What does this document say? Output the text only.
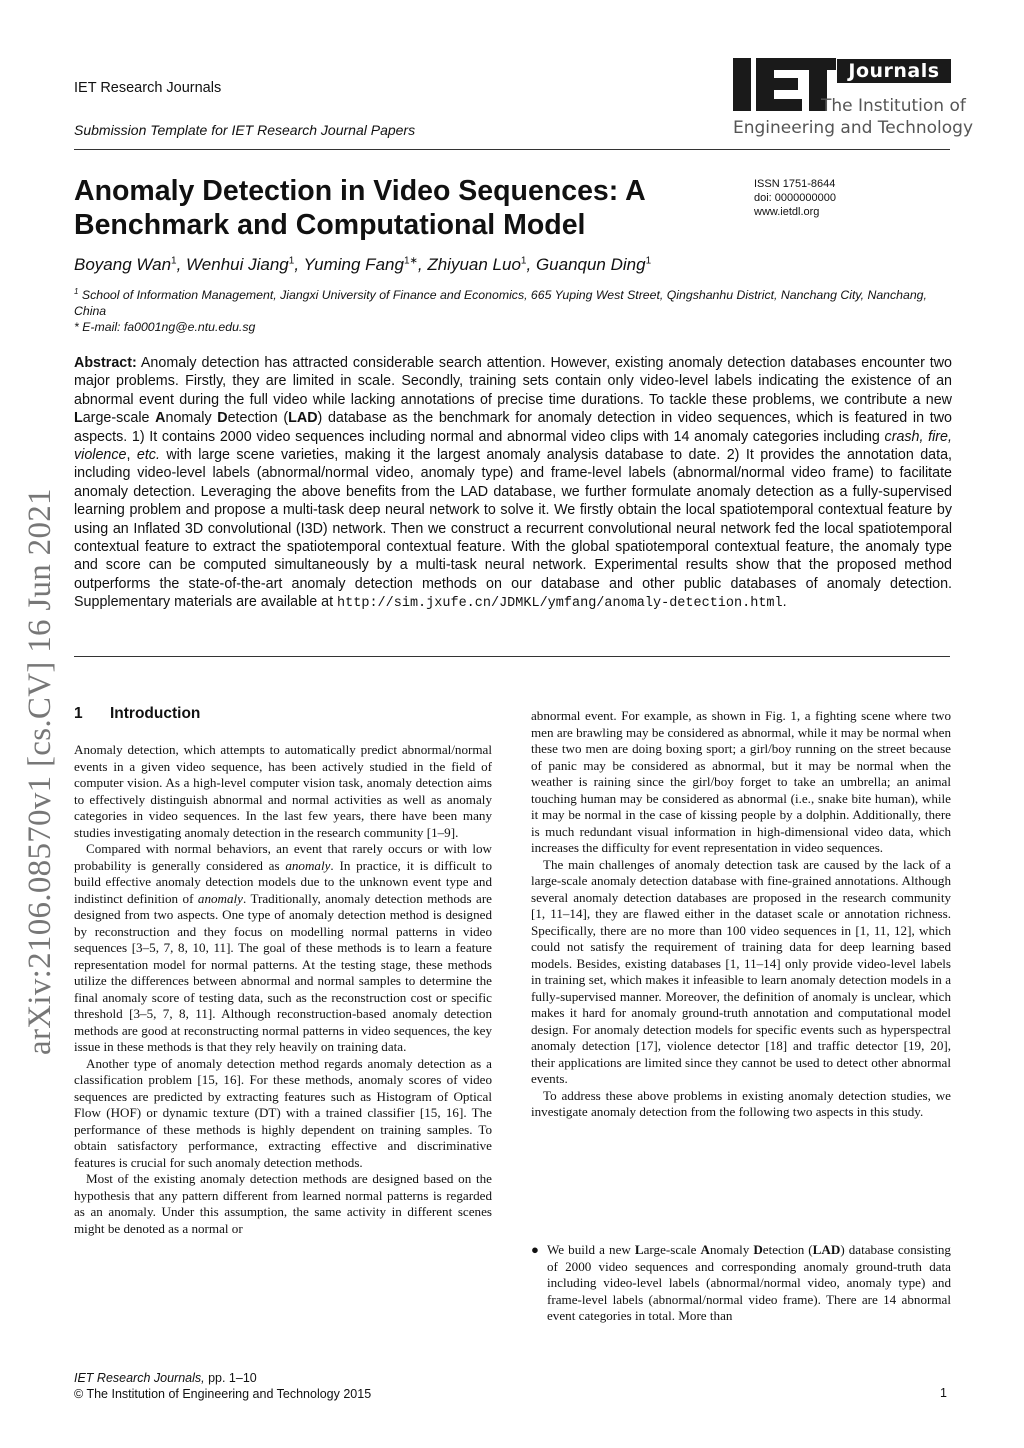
IET Research Journals
Submission Template for IET Research Journal Papers
Journals
The Institution of
Engineering and Technology
Anomaly Detection in Video Sequences: A Benchmark and Computational Model
ISSN 1751-8644
doi: 0000000000
www.ietdl.org
Boyang Wan$^1$, Wenhui Jiang$^1$, Yuming Fang$^{1∗}$, Zhiyuan Luo$^1$, Guanqun Ding$^1$
$^1$ School of Information Management, Jiangxi University of Finance and Economics, 665 Yuping West Street, Qingshanhu District, Nanchang City, Nanchang, China
* E-mail: fa0001ng@e.ntu.edu.sg
Abstract: Anomaly detection has attracted considerable search attention. However, existing anomaly detection databases encounter two major problems. Firstly, they are limited in scale. Secondly, training sets contain only video-level labels indicating the existence of an abnormal event during the full video while lacking annotations of precise time durations. To tackle these problems, we contribute a new Large-scale Anomaly Detection (LAD) database as the benchmark for anomaly detection in video sequences, which is featured in two aspects. 1) It contains 2000 video sequences including normal and abnormal video clips with 14 anomaly categories including crash, fire, violence, etc. with large scene varieties, making it the largest anomaly analysis database to date. 2) It provides the annotation data, including video-level labels (abnormal/normal video, anomaly type) and frame-level labels (abnormal/normal video frame) to facilitate anomaly detection. Leveraging the above benefits from the LAD database, we further formulate anomaly detection as a fully-supervised learning problem and propose a multi-task deep neural network to solve it. We firstly obtain the local spatiotemporal contextual feature by using an Inflated 3D convolutional (I3D) network. Then we construct a recurrent convolutional neural network fed the local spatiotemporal contextual feature to extract the spatiotemporal contextual feature. With the global spatiotemporal contextual feature, the anomaly type and score can be computed simultaneously by a multi-task neural network. Experimental results show that the proposed method outperforms the state-of-the-art anomaly detection methods on our database and other public databases of anomaly detection. Supplementary materials are available at http://sim.jxufe.cn/JDMKL/ymfang/anomaly-detection.html.
arXiv:2106.08570v1 [cs.CV] 16 Jun 2021 1 Introduction

Anomaly detection, which attempts to automatically predict abnormal/normal events in a given video sequence, has been actively studied in the field of computer vision. As a high-level computer vision task, anomaly detection aims to effectively distinguish abnormal and normal activities as well as anomaly categories in video sequences. In the last few years, there have been many studies investigating anomaly detection in the research community [1–9].

Compared with normal behaviors, an event that rarely occurs or with low probability is generally considered as anomaly. In practice, it is difficult to build effective anomaly detection models due to the unknown event type and indistinct definition of anomaly. Traditionally, anomaly detection methods are designed from two aspects. One type of anomaly detection method is designed by reconstruction and they focus on modelling normal patterns in video sequences [3–5, 7, 8, 10, 11]. The goal of these methods is to learn a feature representation model for normal patterns. At the testing stage, these methods utilize the differences between abnormal and normal samples to determine the final anomaly score of testing data, such as the reconstruction cost or specific threshold [3–5, 7, 8, 11]. Although reconstruction-based anomaly detection methods are good at reconstructing normal patterns in video sequences, the key issue in these methods is that they rely heavily on training data.

Another type of anomaly detection method regards anomaly detection as a classification problem [15, 16]. For these methods, anomaly scores of video sequences are predicted by extracting features such as Histogram of Optical Flow (HOF) or dynamic texture (DT) with a trained classifier [15, 16]. The performance of these methods is highly dependent on training samples. To obtain satisfactory performance, extracting effective and discriminative features is crucial for such anomaly detection methods.

Most of the existing anomaly detection methods are designed based on the hypothesis that any pattern different from learned normal patterns is regarded as an anomaly. Under this assumption, the same activity in different scenes might be denoted as a normal or

abnormal event. For example, as shown in Fig. 1, a fighting scene where two men are brawling may be considered as abnormal, while it may be normal when these two men are doing boxing sport; a girl/boy running on the street because of panic may be considered as abnormal, but it may be normal when the weather is raining since the girl/boy forget to take an umbrella; an animal touching human may be considered as abnormal (i.e., snake bite human), while it may be normal in the case of kissing people by a dolphin. Additionally, there is much redundant visual information in high-dimensional video data, which increases the difficulty for event representation in video sequences.

The main challenges of anomaly detection task are caused by the lack of a large-scale anomaly detection database with fine-grained annotations. Although several anomaly detection databases are proposed in the research community [1, 11–14], they are flawed either in the dataset scale or annotation richness. Specifically, there are no more than 100 video sequences in [1, 11, 12], which could not satisfy the requirement of training data for deep learning based models. Besides, existing databases [1, 11–14] only provide video-level labels in training set, which makes it infeasible to learn anomaly detection models in a fully-supervised manner. Moreover, the definition of anomaly is unclear, which makes it hard for anomaly ground-truth annotation and computational model design. For anomaly detection models for specific events such as hyperspectral anomaly detection [17], violence detector [18] and traffic detector [19, 20], their applications are limited since they cannot be used to detect other abnormal events.

To address these above problems in existing anomaly detection studies, we investigate anomaly detection from the following two aspects in this study.

● We build a new Large-scale Anomaly Detection (LAD) database consisting of 2000 video sequences and corresponding anomaly ground-truth data including video-level labels (abnormal/normal video, anomaly type) and frame-level labels (abnormal/normal video frame). There are 14 abnormal event categories in total. More than
IET Research Journals, pp. 1–10
© The Institution of Engineering and Technology 2015	1
